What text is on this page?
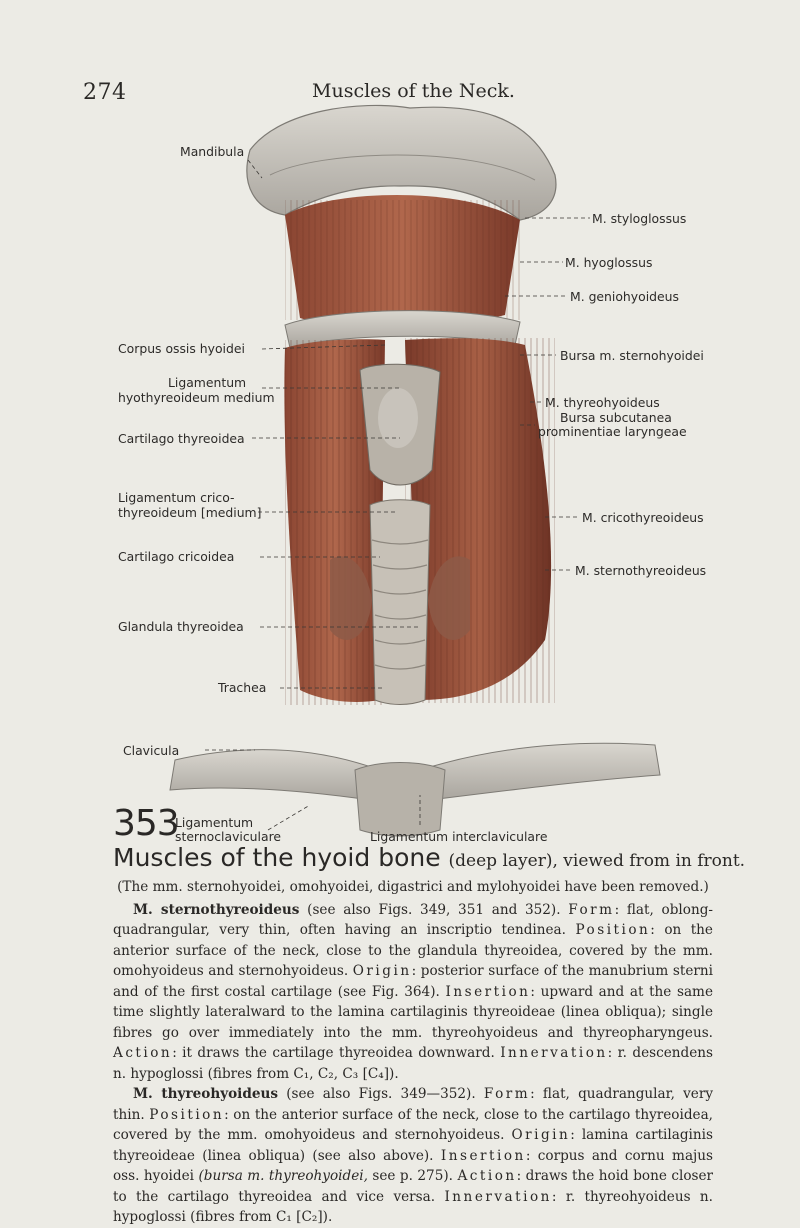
274	Muscles of the Neck.
Mandibula
M. styloglossus
M. hyoglossus
M. geniohyoideus
Corpus ossis hyoidei	Bursa m. sternohyoidei
Ligamentum
hyothyreoideum medium	M. thyreohyoideus
Bursa subcutanea
prominentiae laryngeae
Cartilago thyreoidea
Ligamentum crico-
thyreoideum [medium]	M. cricothyreoideus
Cartilago cricoidea
M. sternothyreoideus
Glandula thyreoidea
Trachea
Clavicula
Ligamentum
sternoclaviculare	Ligamentum interclaviculare
353
Muscles of the hyoid bone (deep layer), viewed from in front.

(The mm. sternohyoidei, omohyoidei, digastrici and mylohyoidei have been removed.)

M. sternothyreoideus (see also Figs. 349, 351 and 352). Form: flat, oblong-quadrangular, very thin, often having an inscriptio tendinea. Position: on the anterior surface of the neck, close to the glandula thyreoidea, covered by the mm. omohyoideus and sternohyoideus. Origin: posterior surface of the manubrium sterni and of the first costal cartilage (see Fig. 364). Insertion: upward and at the same time slightly lateralward to the lamina cartilaginis thyreoideae (linea obliqua); single fibres go over immediately into the mm. thyreohyoideus and thyreopharyngeus. Action: it draws the cartilage thyreoidea downward. Innervation: r. descendens n. hypoglossi (fibres from C₁, C₂, C₃ [C₄]).

M. thyreohyoideus (see also Figs. 349—352). Form: flat, quadrangular, very thin. Position: on the anterior surface of the neck, close to the cartilago thyreoidea, covered by the mm. omohyoideus and sternohyoideus. Origin: lamina cartilaginis thyreoideae (linea obliqua) (see also above). Insertion: corpus and cornu majus oss. hyoidei (bursa m. thyreohyoidei, see p. 275). Action: draws the hoid bone closer to the cartilago thyreoidea and vice versa. Innervation: r. thyreohyoideus n. hypoglossi (fibres from C₁ [C₂]).
